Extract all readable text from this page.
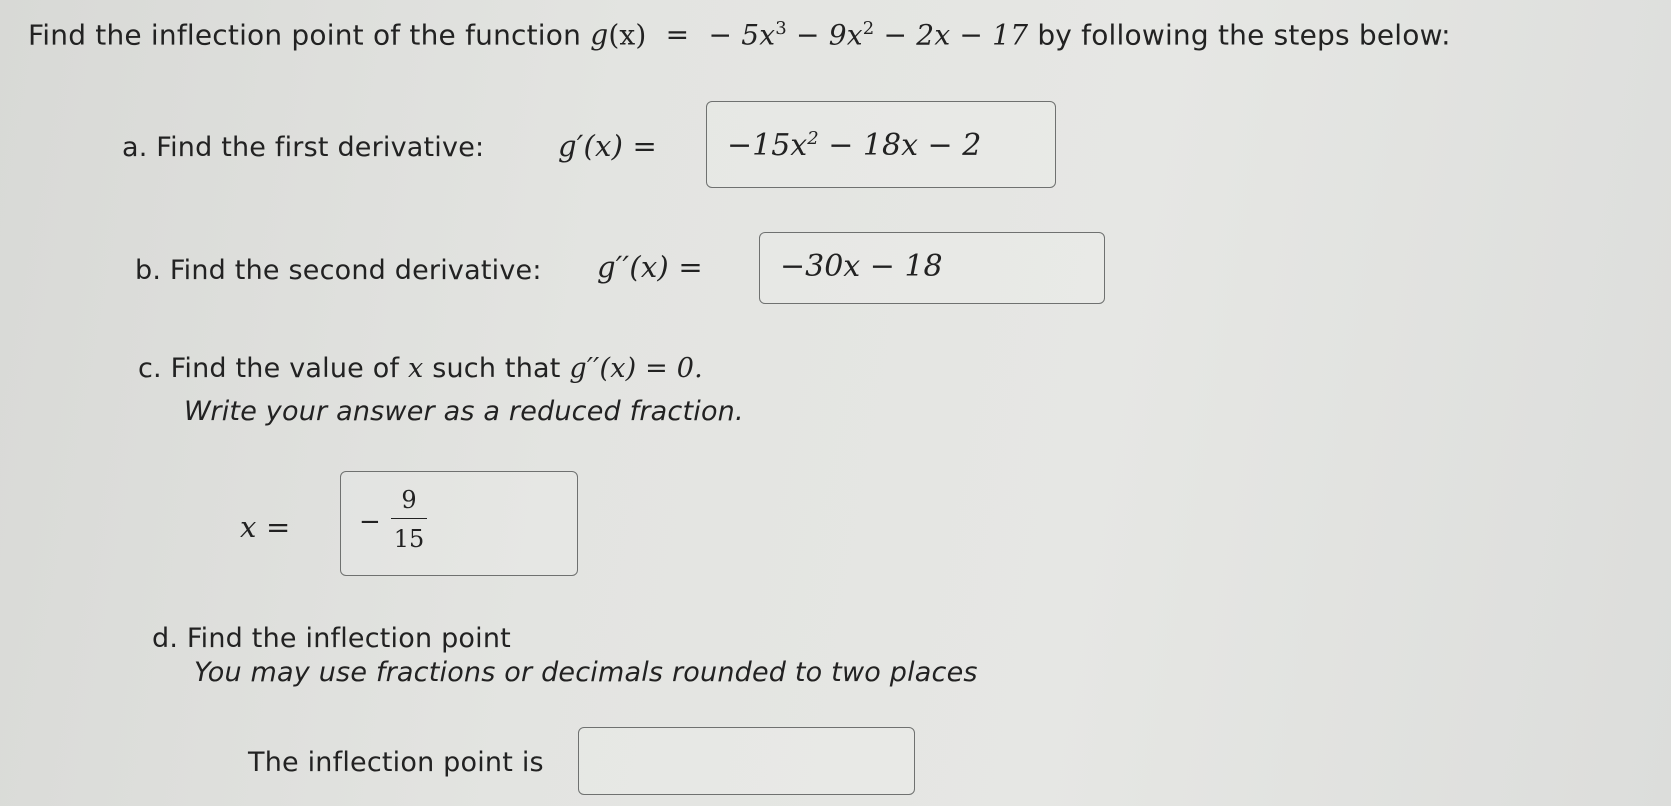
Find the inflection point of the function g(x) = − $5x^3 - 9x^2 - 2x - 17$ by following the steps below:
a. Find the first derivative:	$g'(x) = -15x^2 - 18x - 2$
b. Find the second derivative: g′′(x) =	−30x − 18
c. Find the value of x such that g′′(x) = 0.
Write your answer as a reduced fraction.
x =	−
9
15
d. Find the inflection point
You may use fractions or decimals rounded to two places
The inflection point is
